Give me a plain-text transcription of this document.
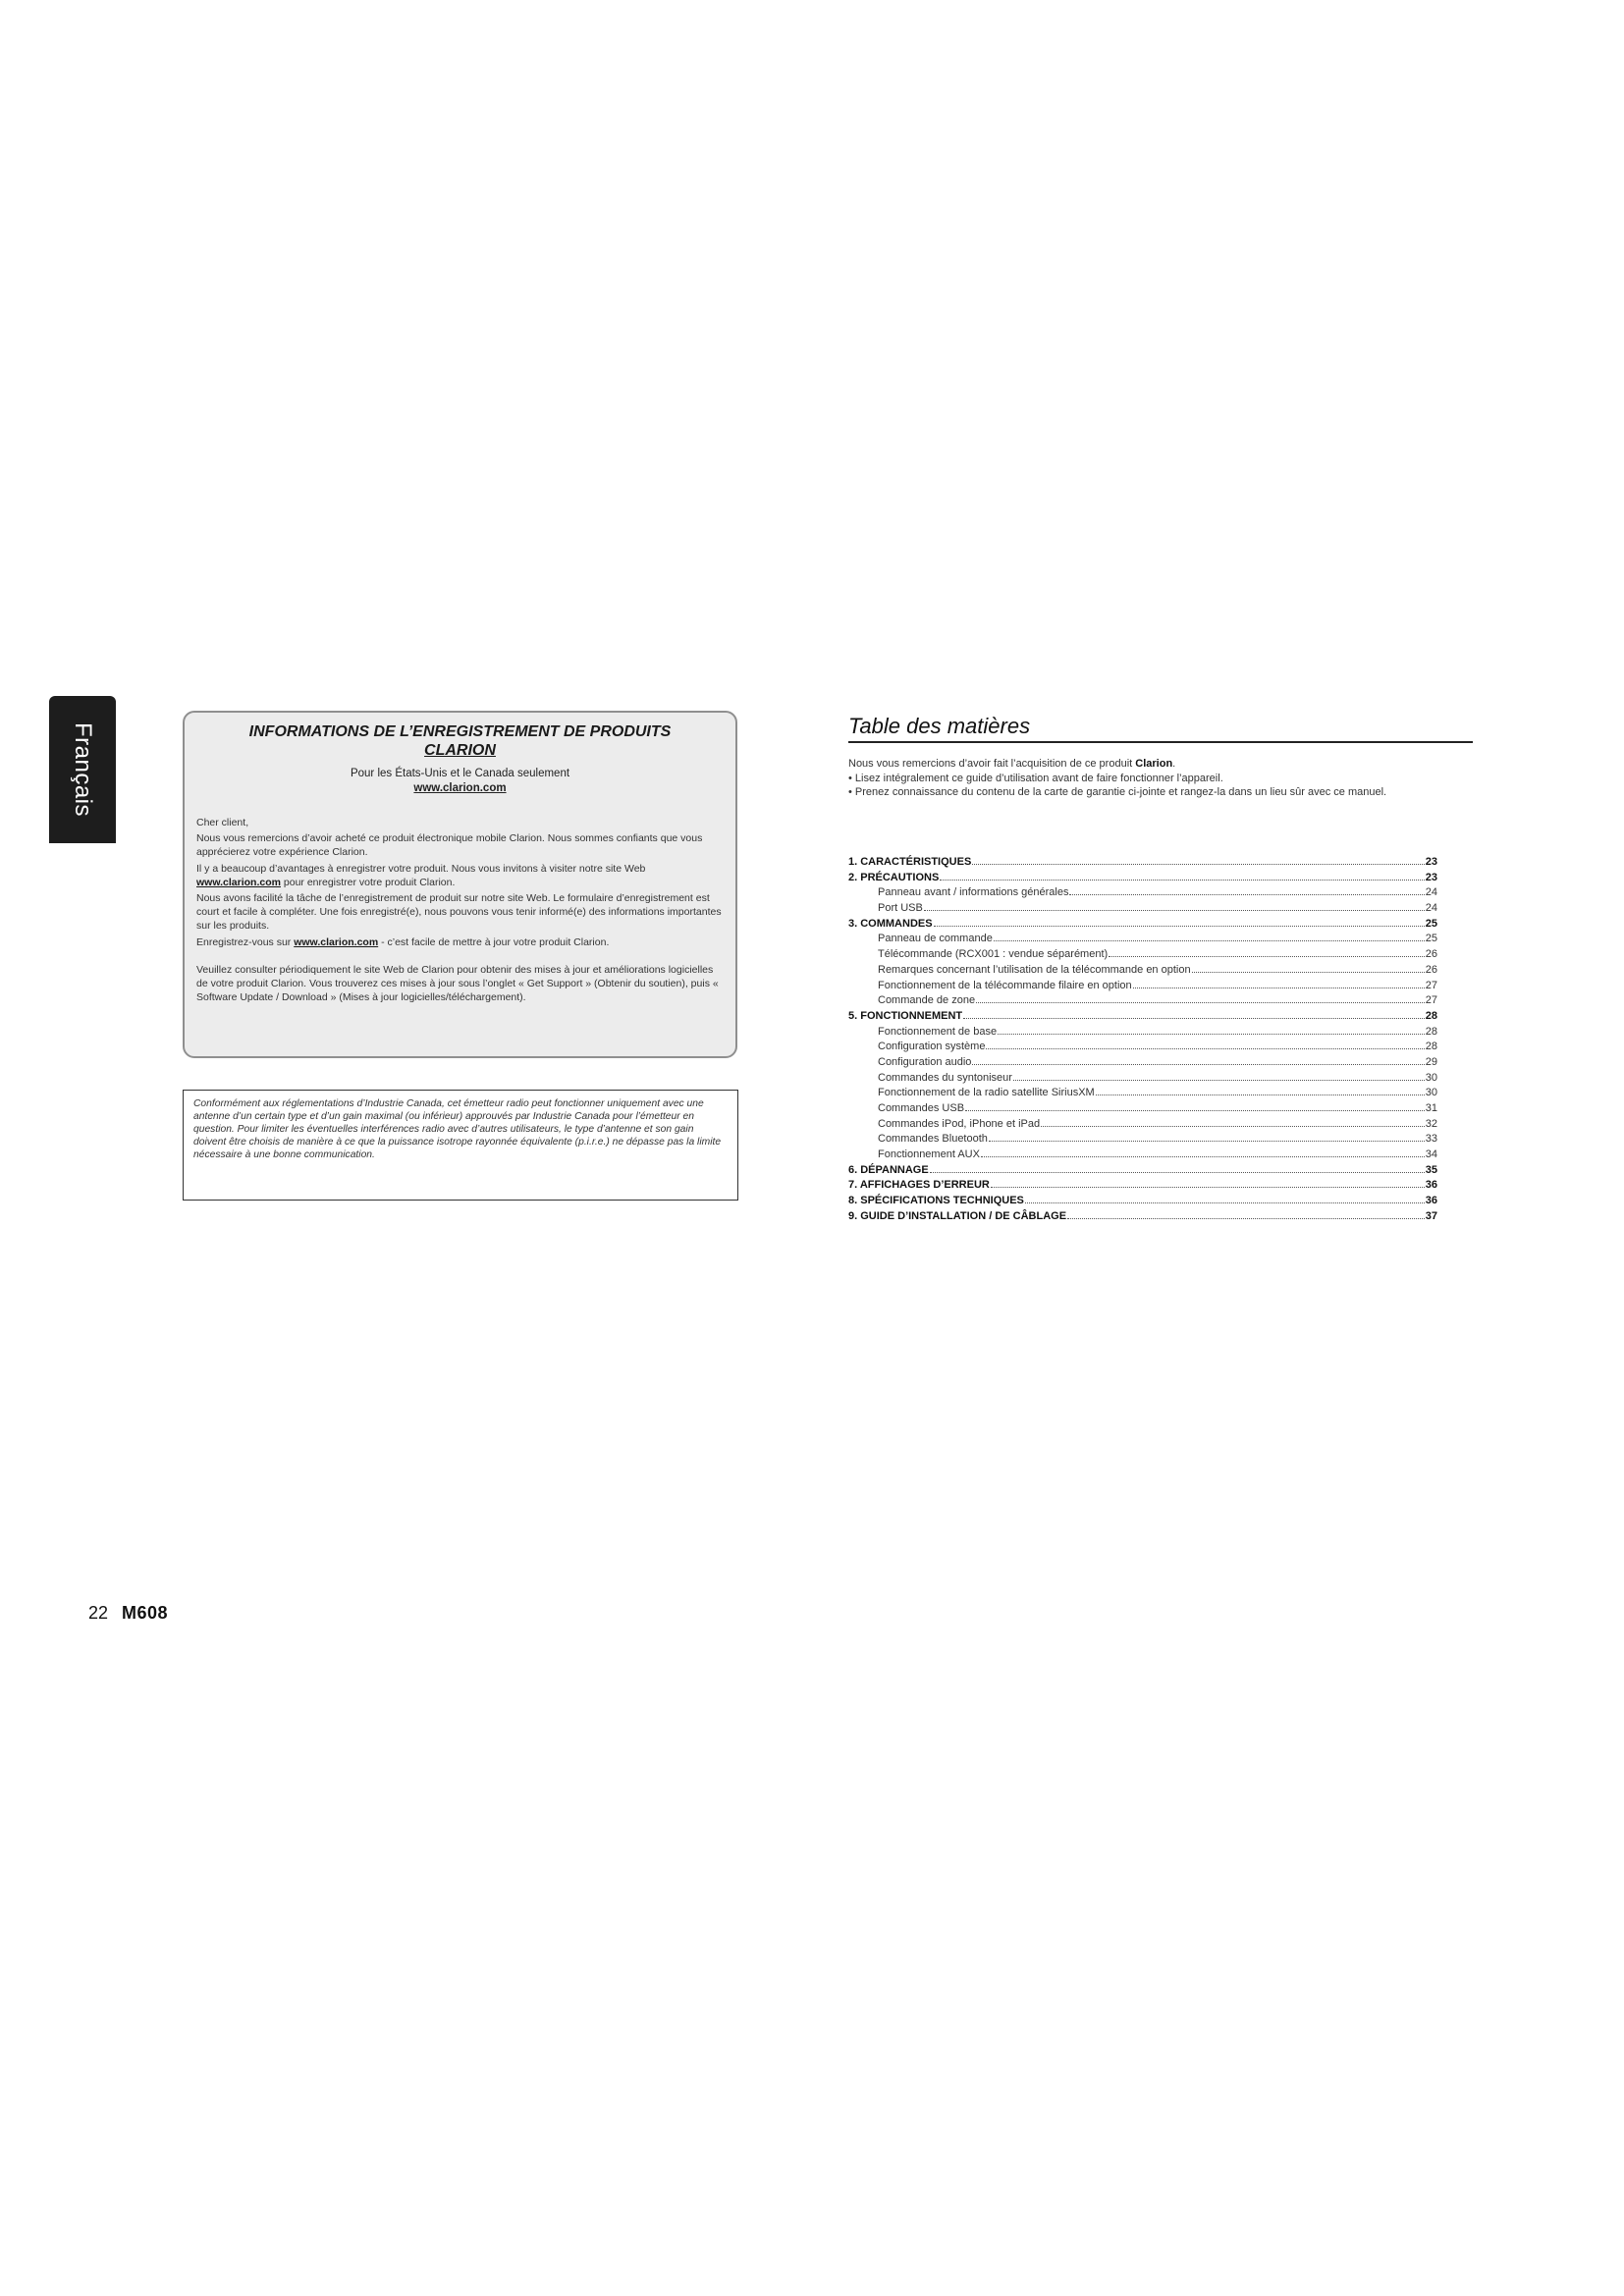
Français	INFORMATIONS DE L’ENREGISTREMENT DE PRODUITS
CLARION
Pour les États-Unis et le Canada seulement
www.clarion.com

Cher client,

Nous vous remercions d’avoir acheté ce produit électronique mobile Clarion. Nous sommes confiants que vous apprécierez votre expérience Clarion.

Il y a beaucoup d’avantages à enregistrer votre produit. Nous vous invitons à visiter notre site Web www.clarion.com pour enregistrer votre produit Clarion.

Nous avons facilité la tâche de l’enregistrement de produit sur notre site Web. Le formulaire d’enregistrement est court et facile à compléter. Une fois enregistré(e), nous pouvons vous tenir informé(e) des informations importantes sur les produits.

Enregistrez-vous sur www.clarion.com - c’est facile de mettre à jour votre produit Clarion.

Veuillez consulter périodiquement le site Web de Clarion pour obtenir des mises à jour et améliorations logicielles de votre produit Clarion. Vous trouverez ces mises à jour sous l’onglet « Get Support » (Obtenir du soutien), puis « Software Update / Download » (Mises à jour logicielles/téléchargement).

Conformément aux réglementations d’Industrie Canada, cet émetteur radio peut fonctionner uniquement avec une antenne d’un certain type et d’un gain maximal (ou inférieur) approuvés par Industrie Canada pour l’émetteur en question. Pour limiter les éventuelles interférences radio avec d’autres utilisateurs, le type d’antenne et son gain doivent être choisis de manière à ce que la puissance isotrope rayonnée équivalente (p.i.r.e.) ne dépasse pas la limite nécessaire à une bonne communication.
Table des matières
Nous vous remercions d’avoir fait l’acquisition de ce produit Clarion.
• Lisez intégralement ce guide d’utilisation avant de faire fonctionner l’appareil.
• Prenez connaissance du contenu de la carte de garantie ci-jointe et rangez-la dans un lieu sûr avec ce manuel.
1. CARACTÉRISTIQUES	23
2. PRÉCAUTIONS	23
Panneau avant / informations générales	24
Port USB	24
3. COMMANDES	25
Panneau de commande	25
Télécommande (RCX001 : vendue séparément)	26
Remarques concernant l’utilisation de la télécommande en option	26
Fonctionnement de la télécommande filaire en option	27
Commande de zone	27
5. FONCTIONNEMENT	28
Fonctionnement de base	28
Configuration système	28
Configuration audio	29
Commandes du syntoniseur	30
Fonctionnement de la radio satellite SiriusXM	30
Commandes USB	31
Commandes iPod, iPhone et iPad	32
Commandes Bluetooth	33
Fonctionnement AUX	34
6. DÉPANNAGE	35
7. AFFICHAGES D’ERREUR	36
8. SPÉCIFICATIONS TECHNIQUES	36
9. GUIDE D’INSTALLATION / DE CÂBLAGE	37
22 M608
